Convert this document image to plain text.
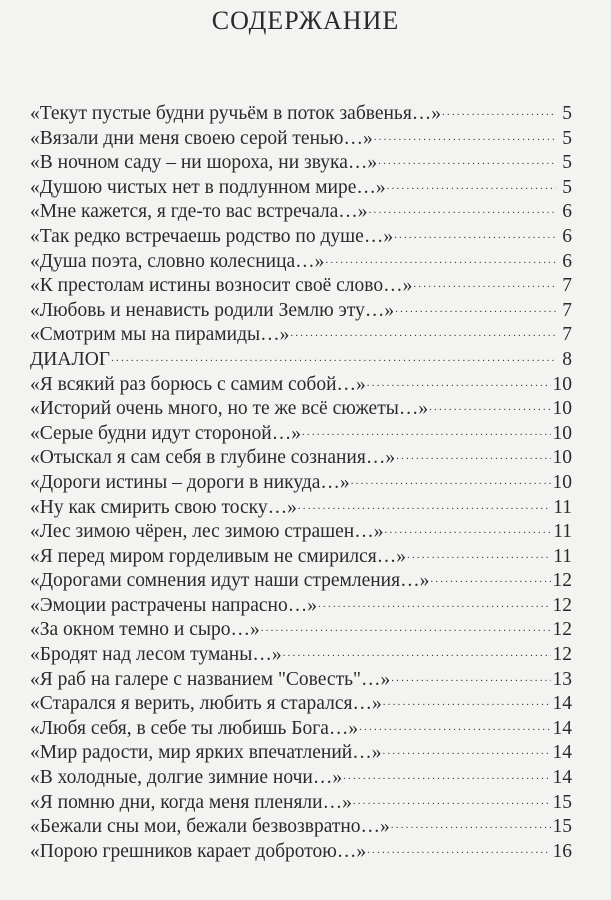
СОДЕРЖАНИЕ
«Текут пустые будни ручьём в поток забвенья…» .....	5
«Вязали дни меня своею серой тенью…» .....	5
«В ночном саду – ни шороха, ни звука…» .....	5
«Душою чистых нет в подлунном мире…» .....	5
«Мне кажется, я где-то вас встречала…» .....	6
«Так редко встречаешь родство по душе…» .....	6
«Душа поэта, словно колесница…» .....	6
«К престолам истины возносит своё слово…» .....	7
«Любовь и ненависть родили Землю эту…» .....	7
«Смотрим мы на пирамиды…» .....	7
ДИАЛОГ .....	8
«Я всякий раз борюсь с самим собой…» .....	10
«Историй очень много, но те же всё сюжеты…» .....	10
«Серые будни идут стороной…» .....	10
«Отыскал я сам себя в глубине сознания…» .....	10
«Дороги истины – дороги в никуда…» .....	10
«Ну как смирить свою тоску…» .....	11
«Лес зимою чёрен, лес зимою страшен…» .....	11
«Я перед миром горделивым не смирился…» .....	11
«Дорогами сомнения идут наши стремления…» .....	12
«Эмоции растрачены напрасно…» .....	12
«За окном темно и сыро…» .....	12
«Бродят над лесом туманы…» .....	12
«Я раб на галере с названием "Совесть"…» .....	13
«Старался я верить, любить я старался…» .....	14
«Любя себя, в себе ты любишь Бога…» .....	14
«Мир радости, мир ярких впечатлений…» .....	14
«В холодные, долгие зимние ночи…» .....	14
«Я помню дни, когда меня пленяли…» .....	15
«Бежали сны мои, бежали безвозвратно…» .....	15
«Порою грешников карает добротою…» .....	16
